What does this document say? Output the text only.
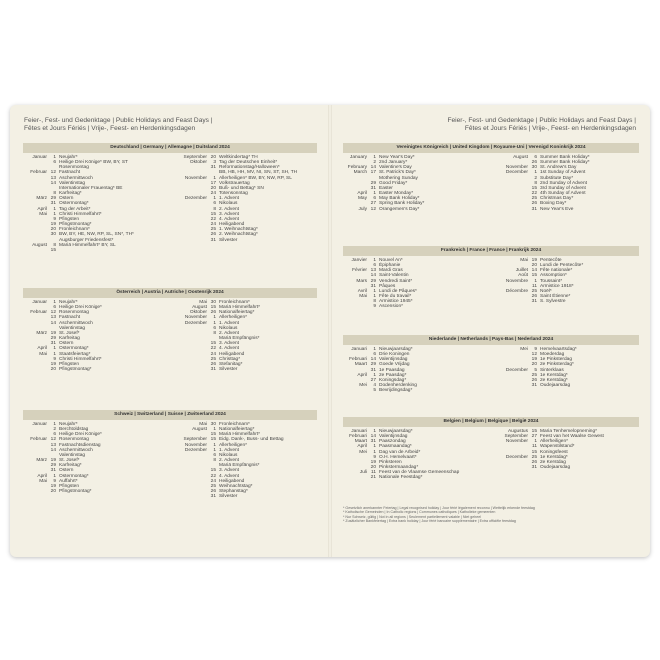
Feier-, Fest- und Gedenktage | Public Holidays and Feast Days |
Fêtes et Jours Fériés | Vrije-, Feest- en Herdenkingsdagen
Deutschland | Germany | Allemagne | Duitsland 2024
Januar	1 Neujahr*
6 Heilige Drei Könige* BW, BY, ST
Rosenmontag
Februar 12 Fastnacht
13 Aschermittwoch
14 Valentinstag
Internationaler Frauentag* BE
8 Karfreitag*
März 29 Ostern
31 Ostermontag*
April	1 Tag der Arbeit*
Mai	1 Christi Himmelfahrt*
9 Pfingsten
19 Pfingstmontag*
20 Fronleichnam*
30 BW, BY, HE, NW, RP, SL, SN*, TH*
Augsburger Friedensfest*
August	8 Mariä Himmelfahrt* BY, SL
15
September 20 Weltkindertag* TH
Oktober	3 Tag der Deutschen Einheit*
31 Reformationstag/Halloween*
BB, HB, HH, MV, NI, SN, ST, SH, TH
November	1 Allerheiligen* BW, BY, NW, RP, SL
17 Volkstrauertag
20 Buß- und Bettag* SN
24 Totensonntag
Dezember	1 1. Advent
6 Nikolaus
8 2. Advent
15 3. Advent
22 4. Advent
24 Heiligabend
25 1. Weihnachtstag*
26 2. Weihnachtstag*
31 Silvester
Österreich | Austria | Autriche | Oostenrijk 2024
Januar	1 Neujahr*
6 Heilige Drei Könige*
Februar 12 Rosenmontag
13 Fastnacht
14 Aschermittwoch
Valentinstag
März 19 St. Josef*
29 Karfreitag
31 Ostern
April	1 Ostermontag*
Mai	1 Staatsfeiertag*
9 Christi Himmelfahrt*
19 Pfingsten
20 Pfingstmontag*
Mai 30 Fronleichnam*
August 15 Mariä Himmelfahrt*
Oktober 26 Nationalfeiertag*
November	1 Allerheiligen*
Dezember	1 1. Advent
6 Nikolaus
8 2. Advent
Mariä Empfängnis*
15 3. Advent
22 4. Advent
24 Heiligabend
25 Christtag*
26 Stefanitag*
31 Silvester
Schweiz | Switzerland | Suisse | Zwitserland 2024
Januar	1 Neujahr*
2 Berchtoldstag
6 Heilige Drei Könige*
Februar 12 Rosenmontag
13 Fastnachtsdienstag
14 Aschermittwoch
Valentinstag
März 19 St. Josef*
29 Karfreitag*
31 Ostern
April	1 Ostermontag*
Mai	9 Auffahrt*
19 Pfingsten
20 Pfingstmontag*
Mai 30 Fronleichnam*
August	1 Nationalfeiertag*
15 Mariä Himmelfahrt*
September 15 Eidg. Dank-, Buss- und Bettag
November	1 Allerheiligen*
Dezember	1 1. Advent
6 Nikolaus
8 2. Advent
Mariä Empfängnis*
15 3. Advent
22 4. Advent
24 Heiligabend
25 Weihnachtstag*
26 Stephanstag*
31 Silvester
Feier-, Fest- und Gedenktage | Public Holidays and Feast Days |
Fêtes et Jours Fériés | Vrije-, Feest- en Herdenkingsdagen
Vereinigtes Königreich | United Kingdom | Royaume-Uni | Verenigd Koninkrijk 2024
January	1 New Year's Day*
2 2nd January*
February 14 Valentine's Day
March 17 St. Patrick's Day*
Mothering Sunday
29 Good Friday*
31 Easter
April	1 Easter Monday*
May	6 May Bank Holiday*
27 Spring Bank Holiday*
July 12 Orangemen's Day*
August	6 Summer Bank Holiday*
26 Summer Bank Holiday*
November 30 St. Andrew's Day
December	1 1st Sunday of Advent
2 Substitute Day*
8 2nd Sunday of Advent
15 3rd Sunday of Advent
22 4th Sunday of Advent
25 Christmas Day*
26 Boxing Day*
31 New Year's Eve
Frankreich | France | France | Frankrijk 2024
Janvier	1 Nouvel An*
6 Épiphanie
Février 13 Mardi Gras
14 Saint-Valentin
Mars 29 Vendredi Saint*
31 Pâques
Avril	1 Lundi de Pâques*
Mai	1 Fête du travail*
8 Armistice 1945*
9 Ascension*
Mai 19 Pentecôte
20 Lundi de Pentecôte*
Juillet 14 Fête nationale*
Août 15 Assomption*
Novembre	1 Toussaint*
11 Armistice 1918*
Décembre 25 Noël*
26 Saint Étienne*
31 S. Sylvestre
Niederlande | Netherlands | Pays-Bas | Nederland 2024
Januari	1 Nieuwjaarsdag*
6 Drie Koningen
Februari 14 Valentijnsdag
Maart 29 Goede Vrijdag
31 1e Paasdag
April	1 2e Paasdag*
27 Koningsdag*
Mei	4 Dodenherdenking
5 Bevrijdingsdag*
Mei	9 Hemelvaartsdag*
12 Moederdag
19 1e Pinksterdag
20 2e Pinksterdag*
December	5 Sinterklaas
25 1e Kerstdag*
26 2e Kerstdag*
31 Oudejaarsdag
Belgien | Belgium | Belgique | België 2024
Januari	1 Nieuwjaarsdag*
Februari 14 Valentijnsdag
Maart 31 Paaszondag
April	1 Paasmaandag*
Mei	1 Dag van de Arbeid*
9 O.H. Hemelvaart*
19 Pinksteren
20 Pinkstermaandag*
Juli 11 Feest van de Vlaamse Gemeenschap
21 Nationale Feestdag*
Augustus 15 Maria Tenhemelopneming*
September 27 Feest van het Waalse Gewest
November	1 Allerheiligen*
11 Wapenstilstand*
15 Koningsfeest
December 25 1e Kerstdag*
26 2e Kerstdag
31 Oudejaarsdag
* Gesetzlich anerkannter Feiertag | Legal recognised holiday | Jour férié légalement reconnu | Wettelijk erkende feestdag
* Katholische Gemeinden | In Catholic regions | Communes catholiques | Katholieke gemeenten
* Nur Schweiz, gültig | Not in all regions | Seulement partiellement valable | Niet geheel
* Zusätzlicher Bankfeiertag | Extra bank holiday | Jour férié bancaire supplémentaire | Extra officiële feestdag
